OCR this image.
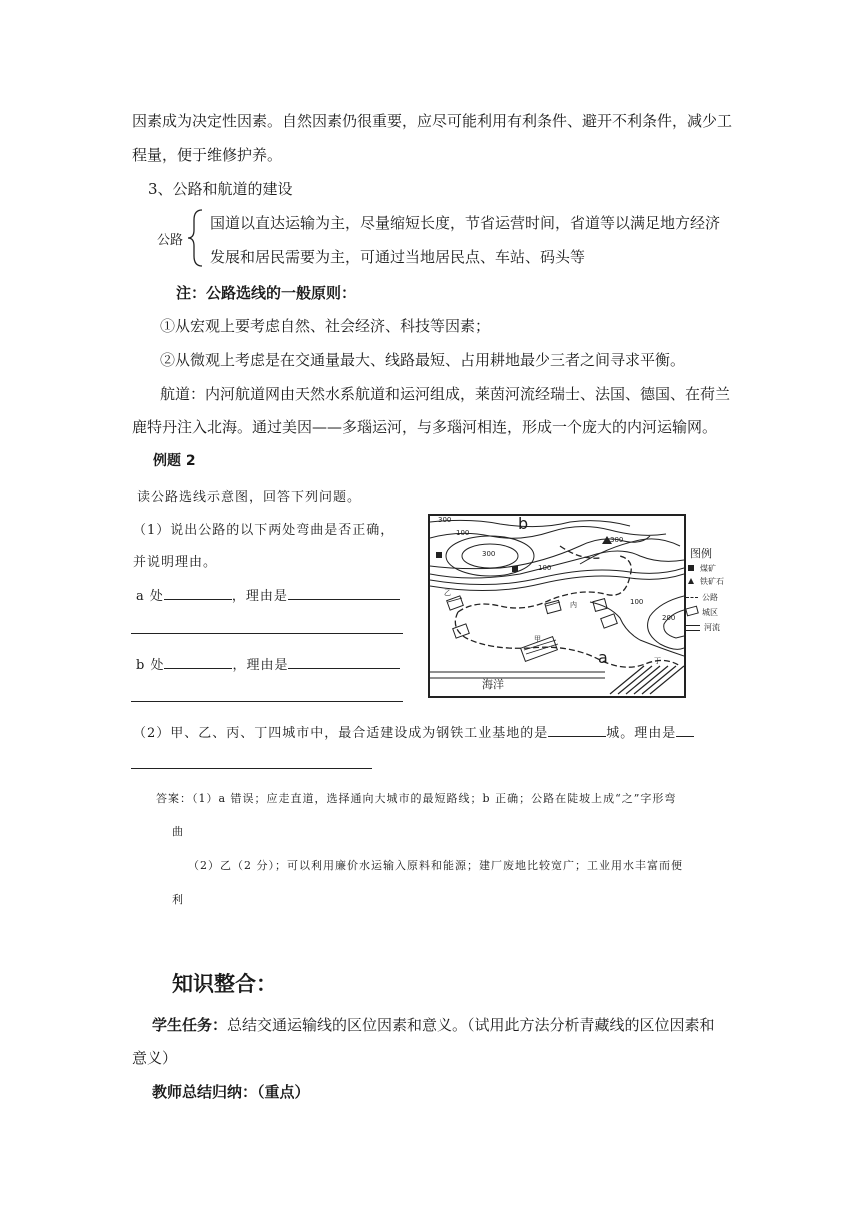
因素成为决定性因素。自然因素仍很重要，应尽可能利用有利条件、避开不利条件，减少工
程量，便于维修护养。
3、公路和航道的建设
公路
国道以直达运输为主，尽量缩短长度，节省运营时间，省道等以满足地方经济
发展和居民需要为主，可通过当地居民点、车站、码头等
注：公路选线的一般原则：
①从宏观上要考虑自然、社会经济、科技等因素；
②从微观上考虑是在交通量最大、线路最短、占用耕地最少三者之间寻求平衡。
航道：内河航道网由天然水系航道和运河组成，莱茵河流经瑞士、法国、德国、在荷兰
鹿特丹注入北海。通过美因——多瑙运河，与多瑙河相连，形成一个庞大的内河运输网。
例题 2
读公路选线示意图，回答下列问题。
（1）说出公路的以下两处弯曲是否正确，
并说明理由。
a 处	，理由是
b 处	，理由是
300
100
300
300
100
100
200
b
a
乙
内
甲
丁
海洋
图例
煤矿
铁矿石
公路
城区
河流
（2）甲、乙、丙、丁四城市中，最合适建设成为钢铁工业基地的是	城。理由是
答案：（1）a 错误；应走直道，选择通向大城市的最短路线；b 正确；公路在陡坡上成“之”字形弯
曲
（2）乙（2 分）；可以利用廉价水运输入原料和能源；建厂废地比较宽广；工业用水丰富而便
利
知识整合：
学生任务：总结交通运输线的区位因素和意义。（试用此方法分析青藏线的区位因素和
意义）
教师总结归纳：（重点）
